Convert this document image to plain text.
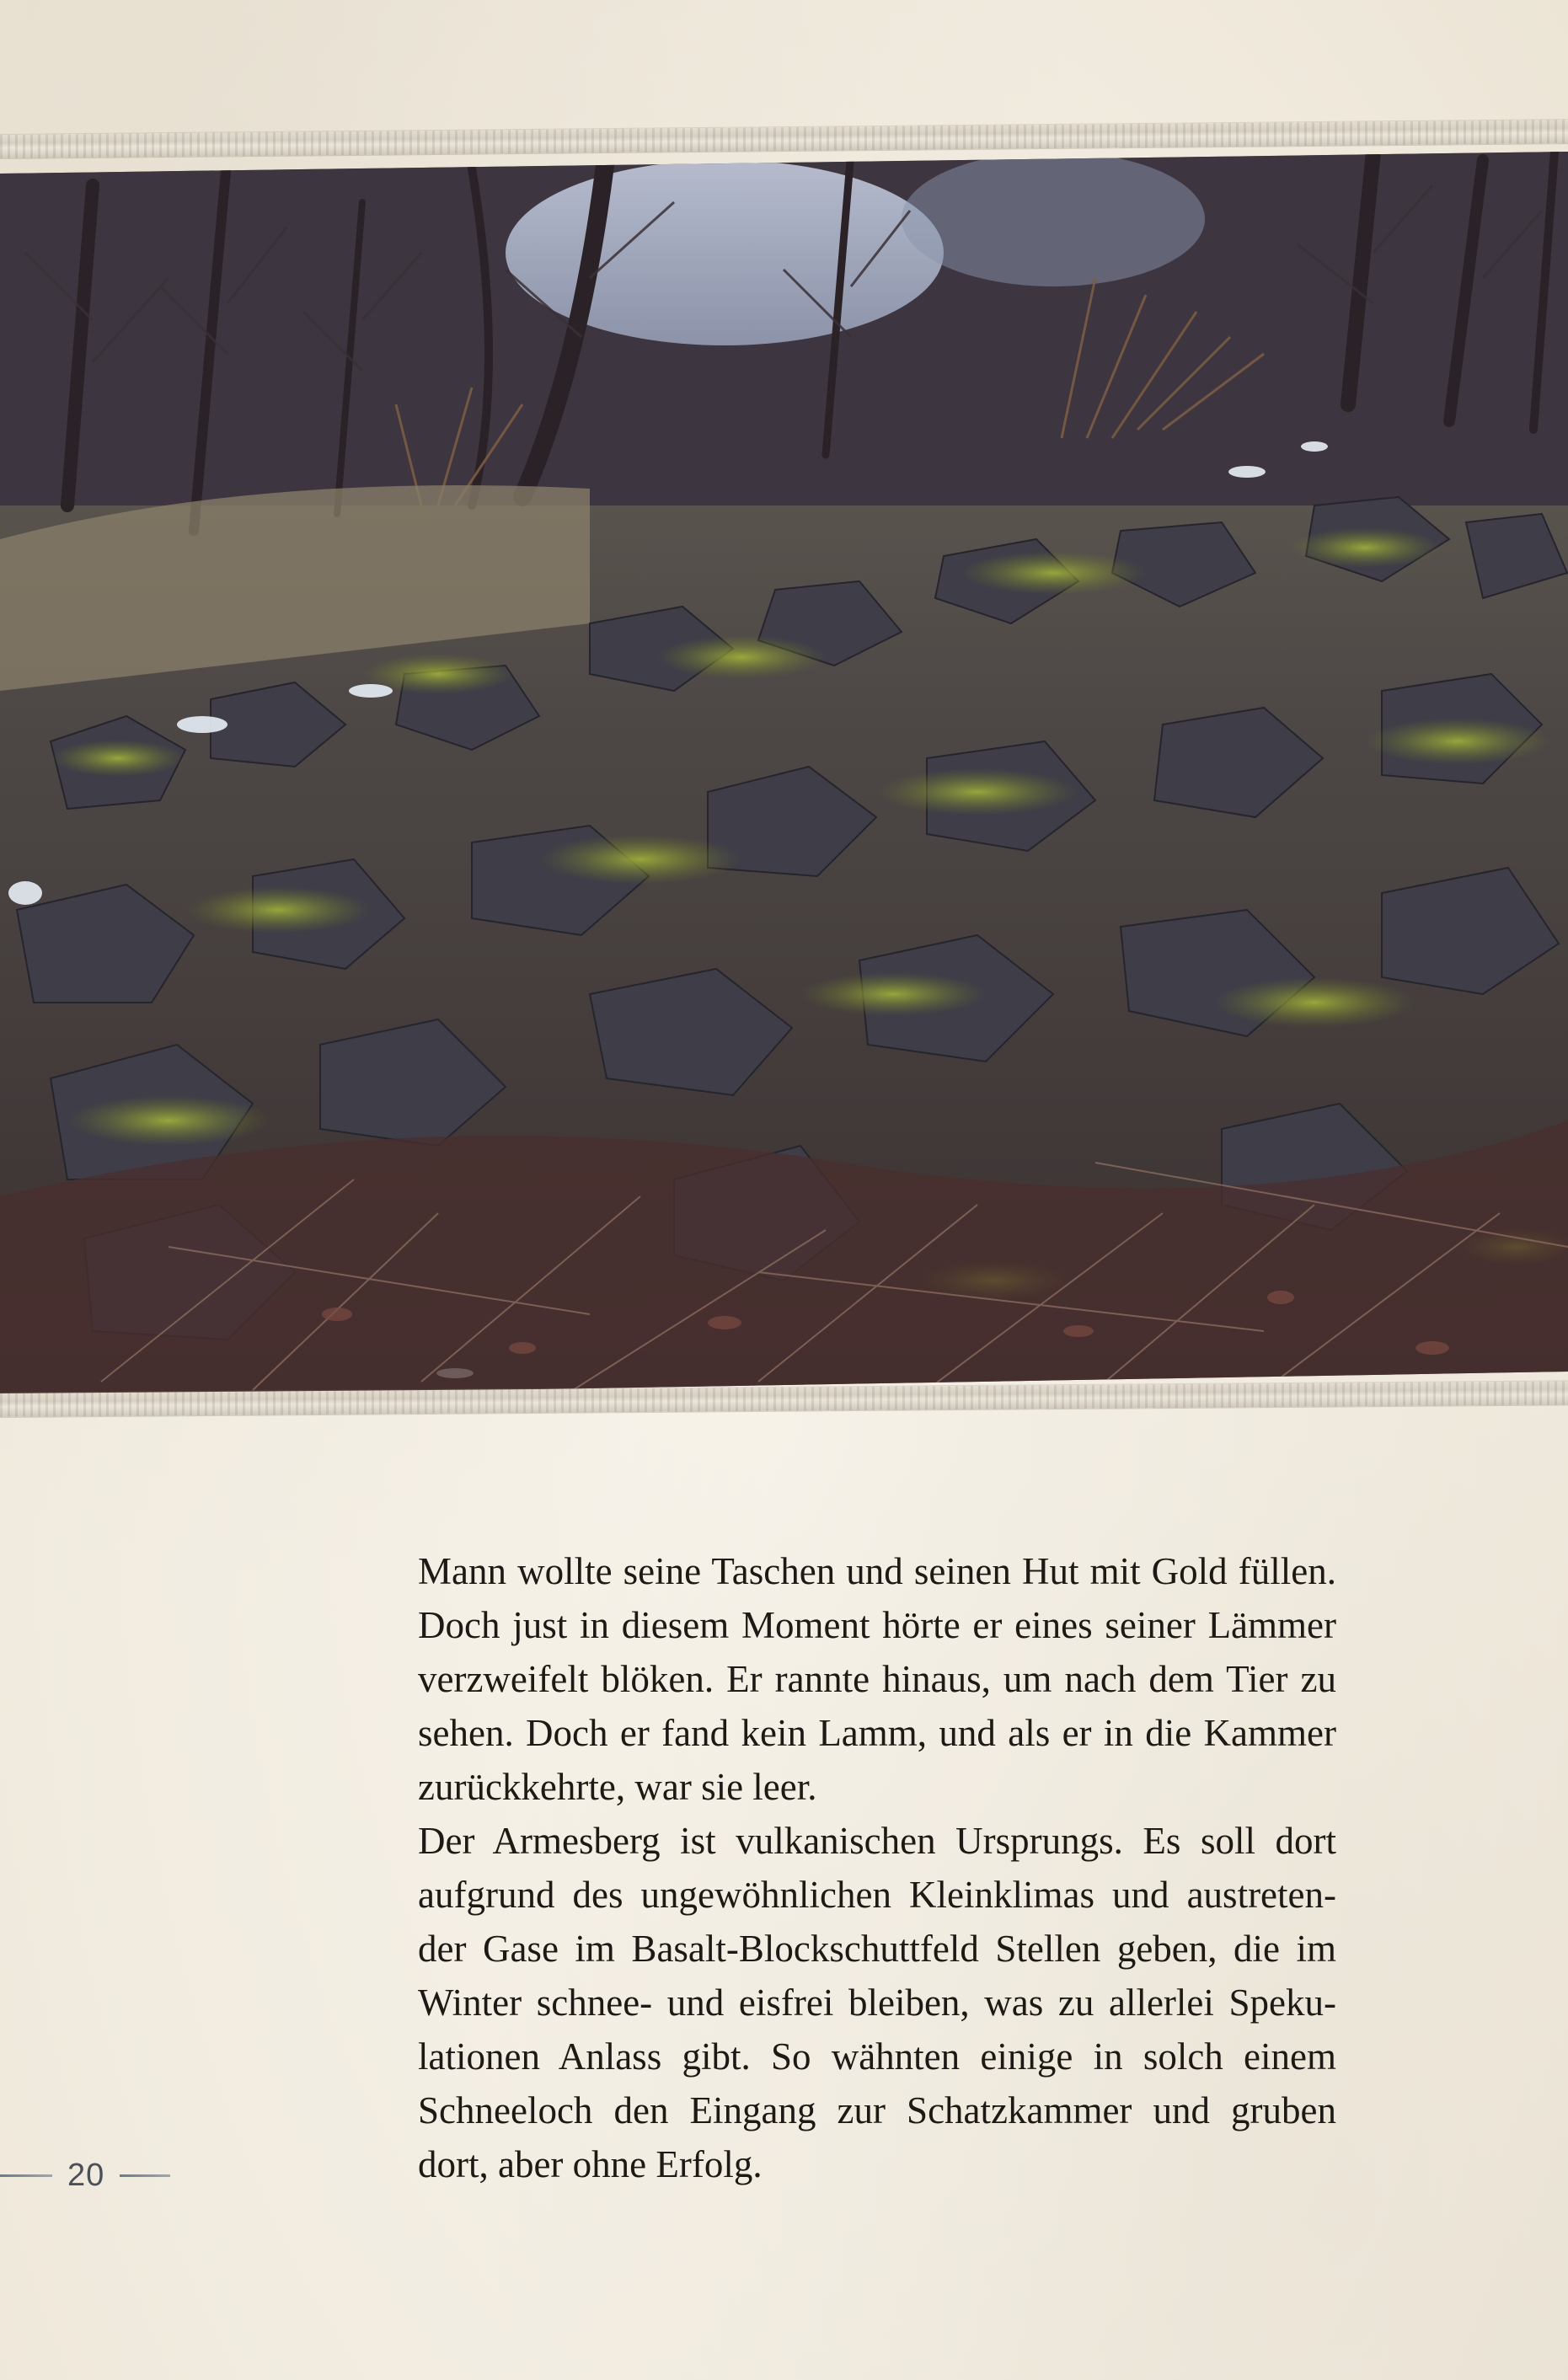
Mann wollte seine Taschen und seinen Hut mit Gold füllen.
Doch just in diesem Moment hörte er eines seiner Lämmer
verzweifelt blöken. Er rannte hinaus, um nach dem Tier zu
sehen. Doch er fand kein Lamm, und als er in die Kammer
zurückkehrte, war sie leer.
Der Armesberg ist vulkanischen Ursprungs. Es soll dort
aufgrund des ungewöhnlichen Kleinklimas und austreten-
der Gase im Basalt-Blockschuttfeld Stellen geben, die im
Winter schnee- und eisfrei bleiben, was zu allerlei Speku-
lationen Anlass gibt. So wähnten einige in solch einem
Schneeloch den Eingang zur Schatzkammer und gruben
dort, aber ohne Erfolg.
20
